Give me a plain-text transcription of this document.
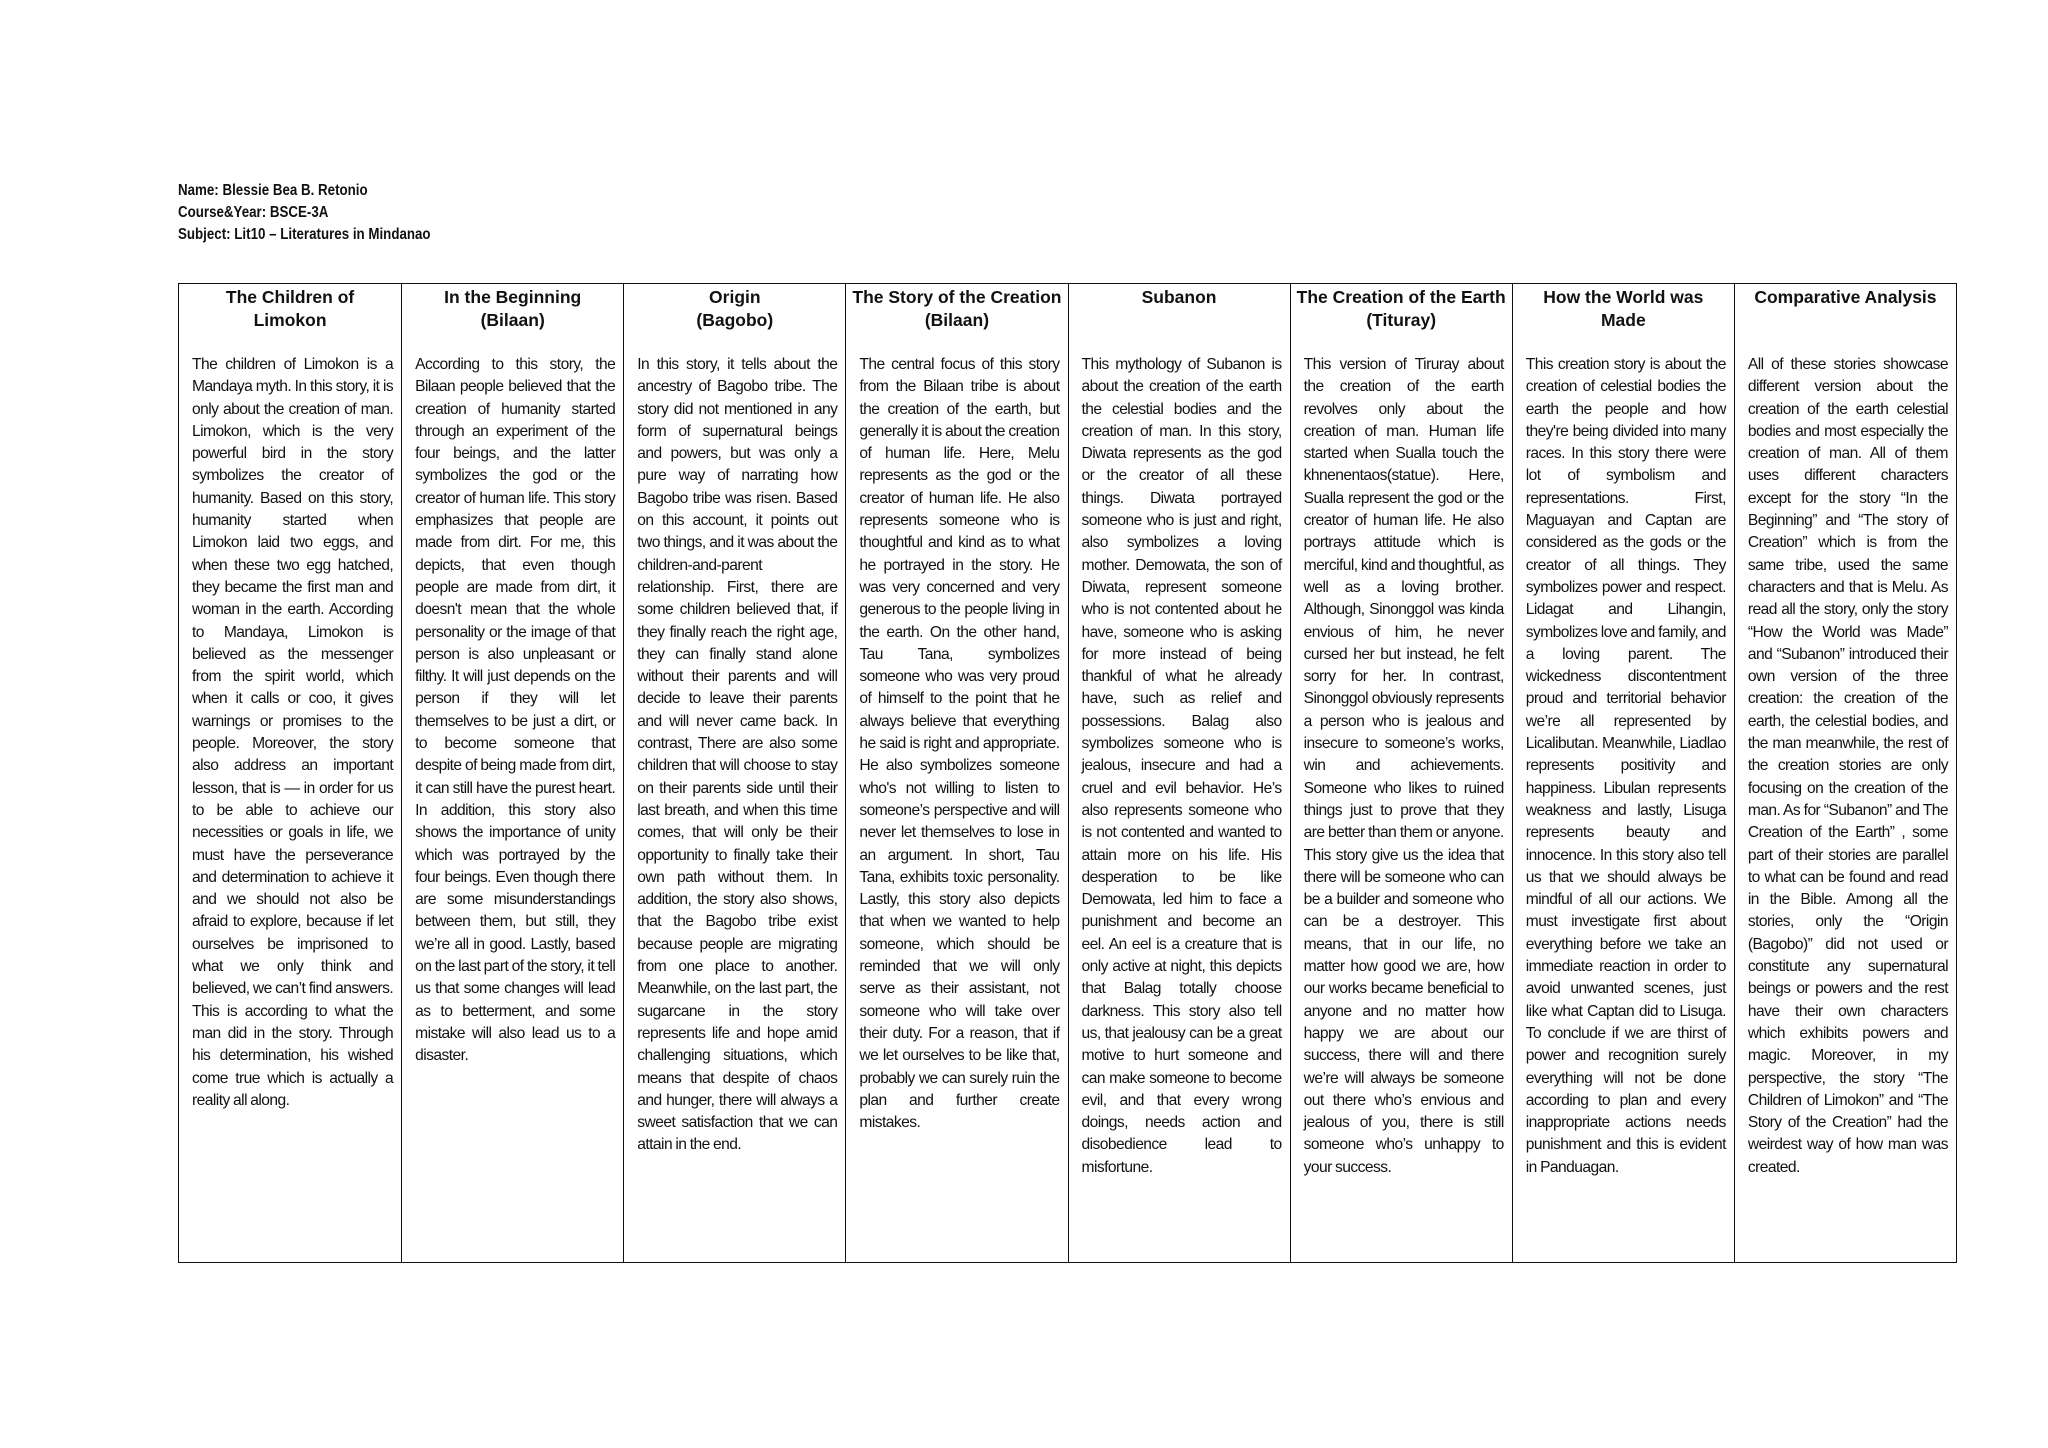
Name: Blessie Bea B. Retonio
Course&Year: BSCE-3A
Subject: Lit10 – Literatures in Mindanao
The Children of
Limokon
The children of Limokon is a Mandaya myth. In this story, it is only about the creation of man. Limokon, which is the very powerful bird in the story symbolizes the creator of humanity. Based on this story, humanity started when Limokon laid two eggs, and when these two egg hatched, they became the first man and woman in the earth. According to Mandaya, Limokon is believed as the messenger from the spirit world, which when it calls or coo, it gives warnings or promises to the people. Moreover, the story also address an important lesson, that is — in order for us to be able to achieve our necessities or goals in life, we must have the perseverance and determination to achieve it and we should not also be afraid to explore, because if let ourselves be imprisoned to what we only think and believed, we can’t find answers. This is according to what the man did in the story. Through his determination, his wished come true which is actually a reality all along.
In the Beginning
(Bilaan)
According to this story, the Bilaan people believed that the creation of humanity started through an experiment of the four beings, and the latter symbolizes the god or the creator of human life. This story emphasizes that people are made from dirt. For me, this depicts, that even though people are made from dirt, it doesn't mean that the whole personality or the image of that person is also unpleasant or filthy. It will just depends on the person if they will let themselves to be just a dirt, or to become someone that despite of being made from dirt, it can still have the purest heart. In addition, this story also shows the importance of unity which was portrayed by the four beings. Even though there are some misunderstandings between them, but still, they we’re all in good. Lastly, based on the last part of the story, it tell us that some changes will lead as to betterment, and some mistake will also lead us to a disaster.
Origin
(Bagobo)
In this story, it tells about the ancestry of Bagobo tribe. The story did not mentioned in any form of supernatural beings and powers, but was only a pure way of narrating how Bagobo tribe was risen. Based on this account, it points out two things, and it was about the children-and-parent relationship. First, there are some children believed that, if they finally reach the right age, they can finally stand alone without their parents and will decide to leave their parents and will never came back. In contrast, There are also some children that will choose to stay on their parents side until their last breath, and when this time comes, that will only be their opportunity to finally take their own path without them. In addition, the story also shows, that the Bagobo tribe exist because people are migrating from one place to another. Meanwhile, on the last part, the sugarcane in the story represents life and hope amid challenging situations, which means that despite of chaos and hunger, there will always a sweet satisfaction that we can attain in the end.
The Story of the Creation
(Bilaan)
The central focus of this story from the Bilaan tribe is about the creation of the earth, but generally it is about the creation of human life. Here, Melu represents as the god or the creator of human life. He also represents someone who is thoughtful and kind as to what he portrayed in the story. He was very concerned and very generous to the people living in the earth. On the other hand, Tau Tana, symbolizes someone who was very proud of himself to the point that he always believe that everything he said is right and appropriate. He also symbolizes someone who's not willing to listen to someone’s perspective and will never let themselves to lose in an argument. In short, Tau Tana, exhibits toxic personality. Lastly, this story also depicts that when we wanted to help someone, which should be reminded that we will only serve as their assistant, not someone who will take over their duty. For a reason, that if we let ourselves to be like that, probably we can surely ruin the plan and further create mistakes.
Subanon
This mythology of Subanon is about the creation of the earth the celestial bodies and the creation of man. In this story, Diwata represents as the god or the creator of all these things. Diwata portrayed someone who is just and right, also symbolizes a loving mother. Demowata, the son of Diwata, represent someone who is not contented about he have, someone who is asking for more instead of being thankful of what he already have, such as relief and possessions. Balag also symbolizes someone who is jealous, insecure and had a cruel and evil behavior. He’s also represents someone who is not contented and wanted to attain more on his life. His desperation to be like Demowata, led him to face a punishment and become an eel. An eel is a creature that is only active at night, this depicts that Balag totally choose darkness. This story also tell us, that jealousy can be a great motive to hurt someone and can make someone to become evil, and that every wrong doings, needs action and disobedience lead to misfortune.
The Creation of the Earth
(Tituray)
This version of Tiruray about the creation of the earth revolves only about the creation of man. Human life started when Sualla touch the khnenentaos(statue). Here, Sualla represent the god or the creator of human life. He also portrays attitude which is merciful, kind and thoughtful, as well as a loving brother. Although, Sinonggol was kinda envious of him, he never cursed her but instead, he felt sorry for her. In contrast, Sinonggol obviously represents a person who is jealous and insecure to someone’s works, win and achievements. Someone who likes to ruined things just to prove that they are better than them or anyone. This story give us the idea that there will be someone who can be a builder and someone who can be a destroyer. This means, that in our life, no matter how good we are, how our works became beneficial to anyone and no matter how happy we are about our success, there will and there we’re will always be someone out there who’s envious and jealous of you, there is still someone who’s unhappy to your success.
How the World was Made
This creation story is about the creation of celestial bodies the earth the people and how they're being divided into many races. In this story there were lot of symbolism and representations. First, Maguayan and Captan are considered as the gods or the creator of all things. They symbolizes power and respect. Lidagat and Lihangin, symbolizes love and family, and a loving parent. The wickedness discontentment proud and territorial behavior we’re all represented by Licalibutan. Meanwhile, Liadlao represents positivity and happiness. Libulan represents weakness and lastly, Lisuga represents beauty and innocence. In this story also tell us that we should always be mindful of all our actions. We must investigate first about everything before we take an immediate reaction in order to avoid unwanted scenes, just like what Captan did to Lisuga. To conclude if we are thirst of power and recognition surely everything will not be done according to plan and every inappropriate actions needs punishment and this is evident in Panduagan.
Comparative Analysis
All of these stories showcase different version about the creation of the earth celestial bodies and most especially the creation of man. All of them uses different characters except for the story “In the Beginning” and “The story of Creation” which is from the same tribe, used the same characters and that is Melu. As read all the story, only the story “How the World was Made” and “Subanon” introduced their own version of the three creation: the creation of the earth, the celestial bodies, and the man meanwhile, the rest of the creation stories are only focusing on the creation of the man. As for “Subanon” and The Creation of the Earth” , some part of their stories are parallel to what can be found and read in the Bible. Among all the stories, only the “Origin (Bagobo)” did not used or constitute any supernatural beings or powers and the rest have their own characters which exhibits powers and magic. Moreover, in my perspective, the story “The Children of Limokon” and “The Story of the Creation” had the weirdest way of how man was created.
